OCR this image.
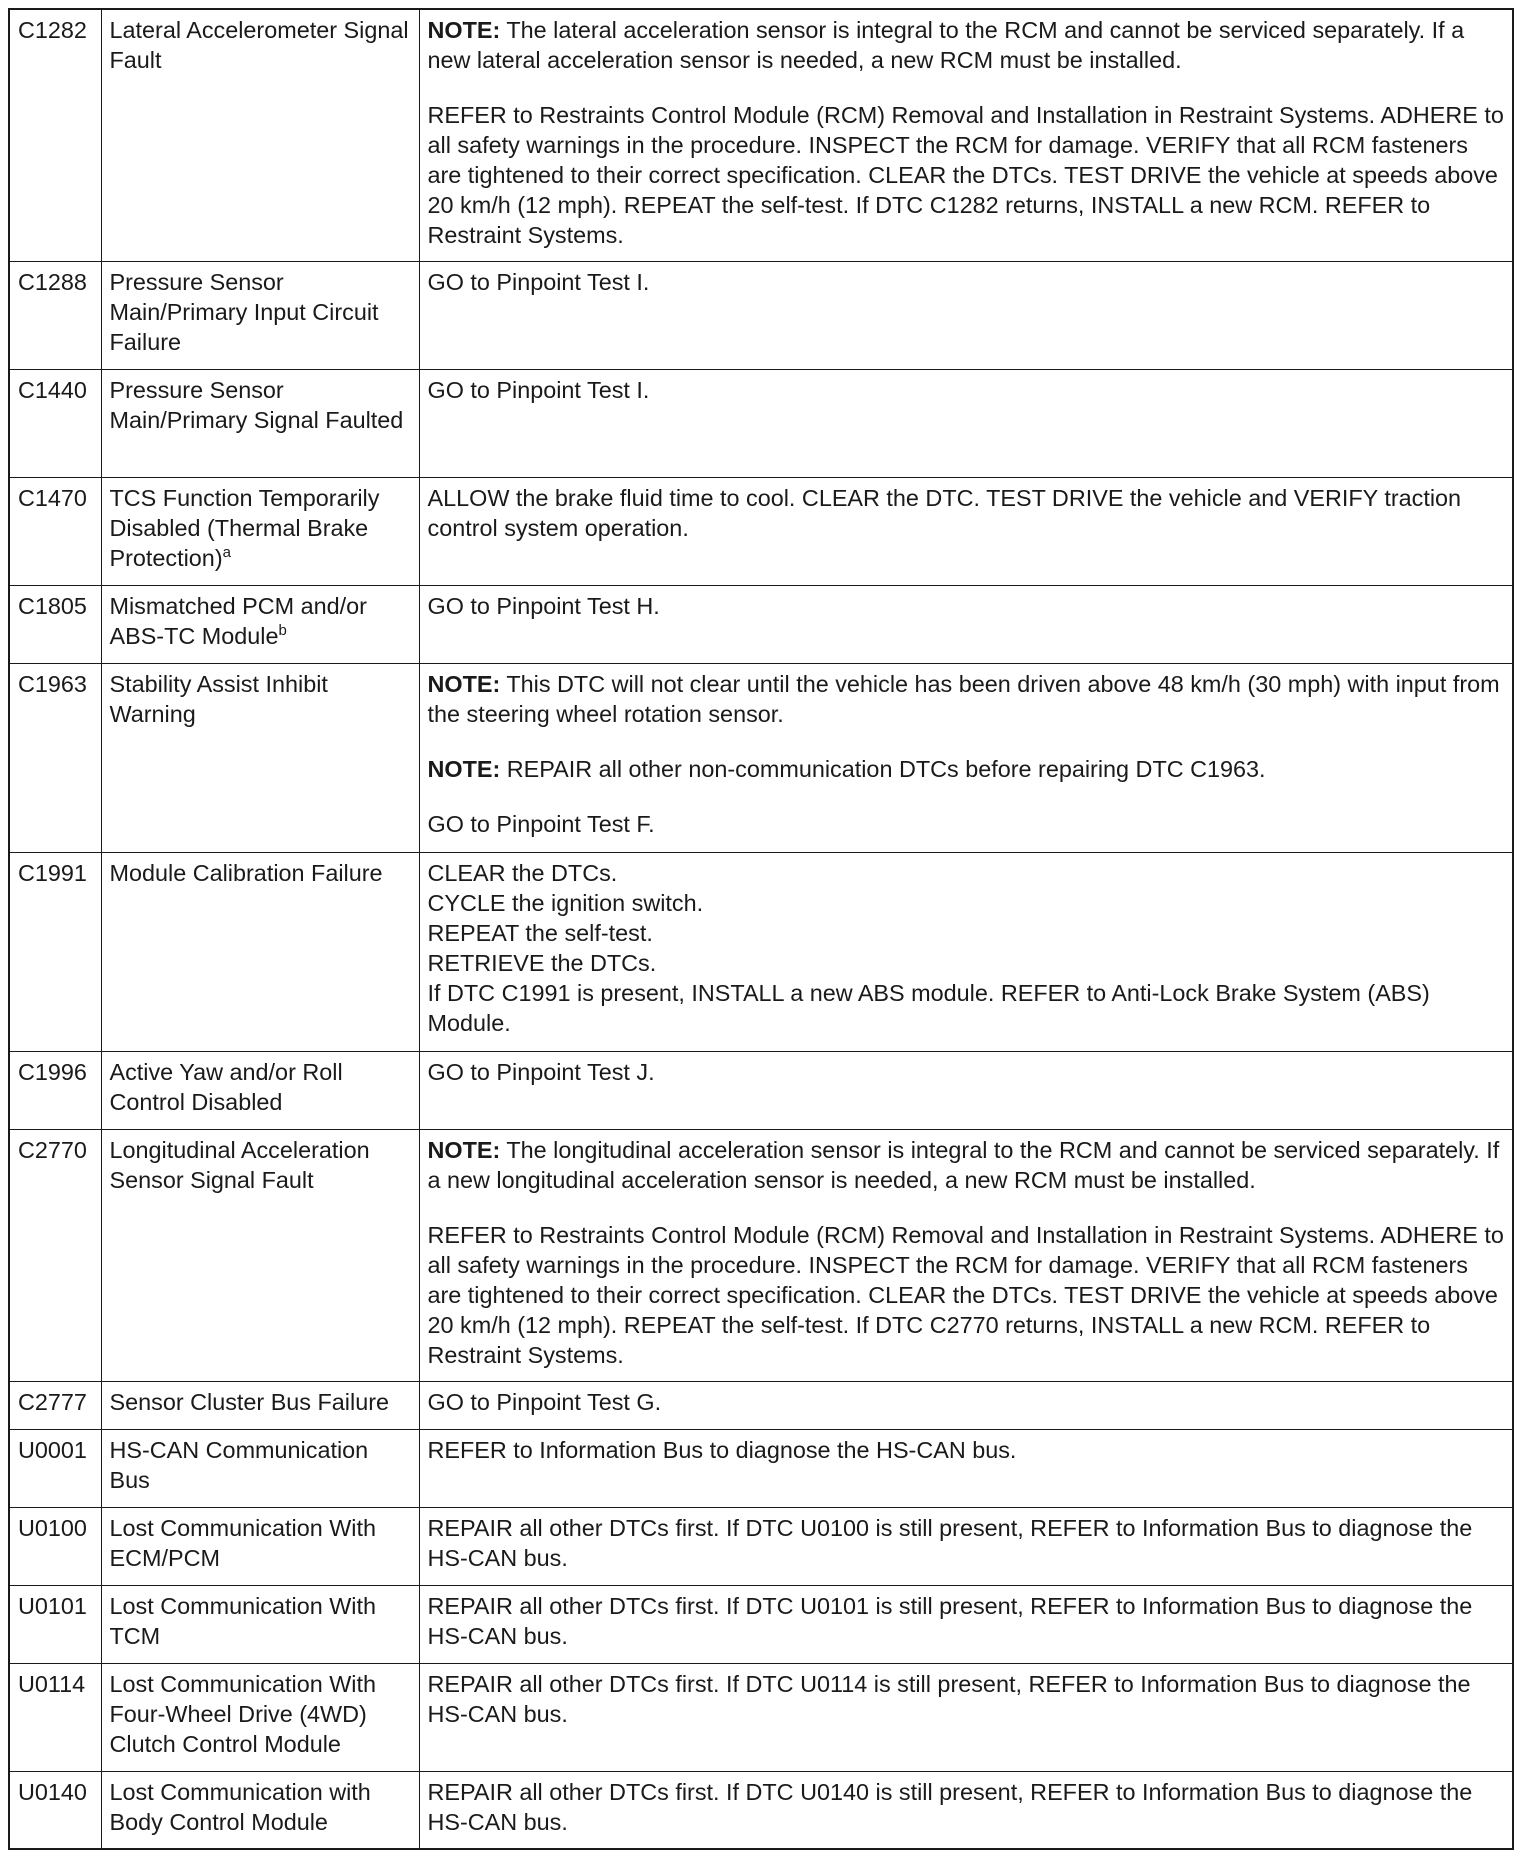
C1282	Lateral Accelerometer Signal Fault	NOTE: The lateral acceleration sensor is integral to the RCM and cannot be serviced separately. If a new lateral acceleration sensor is needed, a new RCM must be installed.
REFER to Restraints Control Module (RCM) Removal and Installation in Restraint Systems. ADHERE to all safety warnings in the procedure. INSPECT the RCM for damage. VERIFY that all RCM fasteners are tightened to their correct specification. CLEAR the DTCs. TEST DRIVE the vehicle at speeds above 20 km/h (12 mph). REPEAT the self-test. If DTC C1282 returns, INSTALL a new RCM. REFER to Restraint Systems.

C1288	Pressure Sensor Main/Primary Input Circuit Failure	GO to Pinpoint Test I.
C1440	Pressure Sensor Main/Primary Signal Faulted	GO to Pinpoint Test I.
C1470	TCS Function Temporarily Disabled (Thermal Brake Protection)$^a$	ALLOW the brake fluid time to cool. CLEAR the DTC. TEST DRIVE the vehicle and VERIFY traction control system operation.
C1805	Mismatched PCM and/or ABS-TC Module$^b$	GO to Pinpoint Test H.
C1963	Stability Assist Inhibit Warning	NOTE: This DTC will not clear until the vehicle has been driven above 48 km/h (30 mph) with input from the steering wheel rotation sensor.
NOTE: REPAIR all other non-communication DTCs before repairing DTC C1963.
GO to Pinpoint Test F.

C1991	Module Calibration Failure	CLEAR the DTCs.
CYCLE the ignition switch.
REPEAT the self-test.
RETRIEVE the DTCs.
If DTC C1991 is present, INSTALL a new ABS module. REFER to Anti-Lock Brake System (ABS) Module.

C1996	Active Yaw and/or Roll Control Disabled	GO to Pinpoint Test J.
C2770	Longitudinal Acceleration Sensor Signal Fault	NOTE: The longitudinal acceleration sensor is integral to the RCM and cannot be serviced separately. If a new longitudinal acceleration sensor is needed, a new RCM must be installed.
REFER to Restraints Control Module (RCM) Removal and Installation in Restraint Systems. ADHERE to all safety warnings in the procedure. INSPECT the RCM for damage. VERIFY that all RCM fasteners are tightened to their correct specification. CLEAR the DTCs. TEST DRIVE the vehicle at speeds above 20 km/h (12 mph). REPEAT the self-test. If DTC C2770 returns, INSTALL a new RCM. REFER to Restraint Systems.

C2777	Sensor Cluster Bus Failure	GO to Pinpoint Test G.
U0001	HS-CAN Communication Bus	REFER to Information Bus to diagnose the HS-CAN bus.
U0100	Lost Communication With ECM/PCM	REPAIR all other DTCs first. If DTC U0100 is still present, REFER to Information Bus to diagnose the HS-CAN bus.
U0101	Lost Communication With TCM	REPAIR all other DTCs first. If DTC U0101 is still present, REFER to Information Bus to diagnose the HS-CAN bus.
U0114	Lost Communication With Four-Wheel Drive (4WD) Clutch Control Module	REPAIR all other DTCs first. If DTC U0114 is still present, REFER to Information Bus to diagnose the HS-CAN bus.
U0140	Lost Communication with Body Control Module	REPAIR all other DTCs first. If DTC U0140 is still present, REFER to Information Bus to diagnose the HS-CAN bus.
